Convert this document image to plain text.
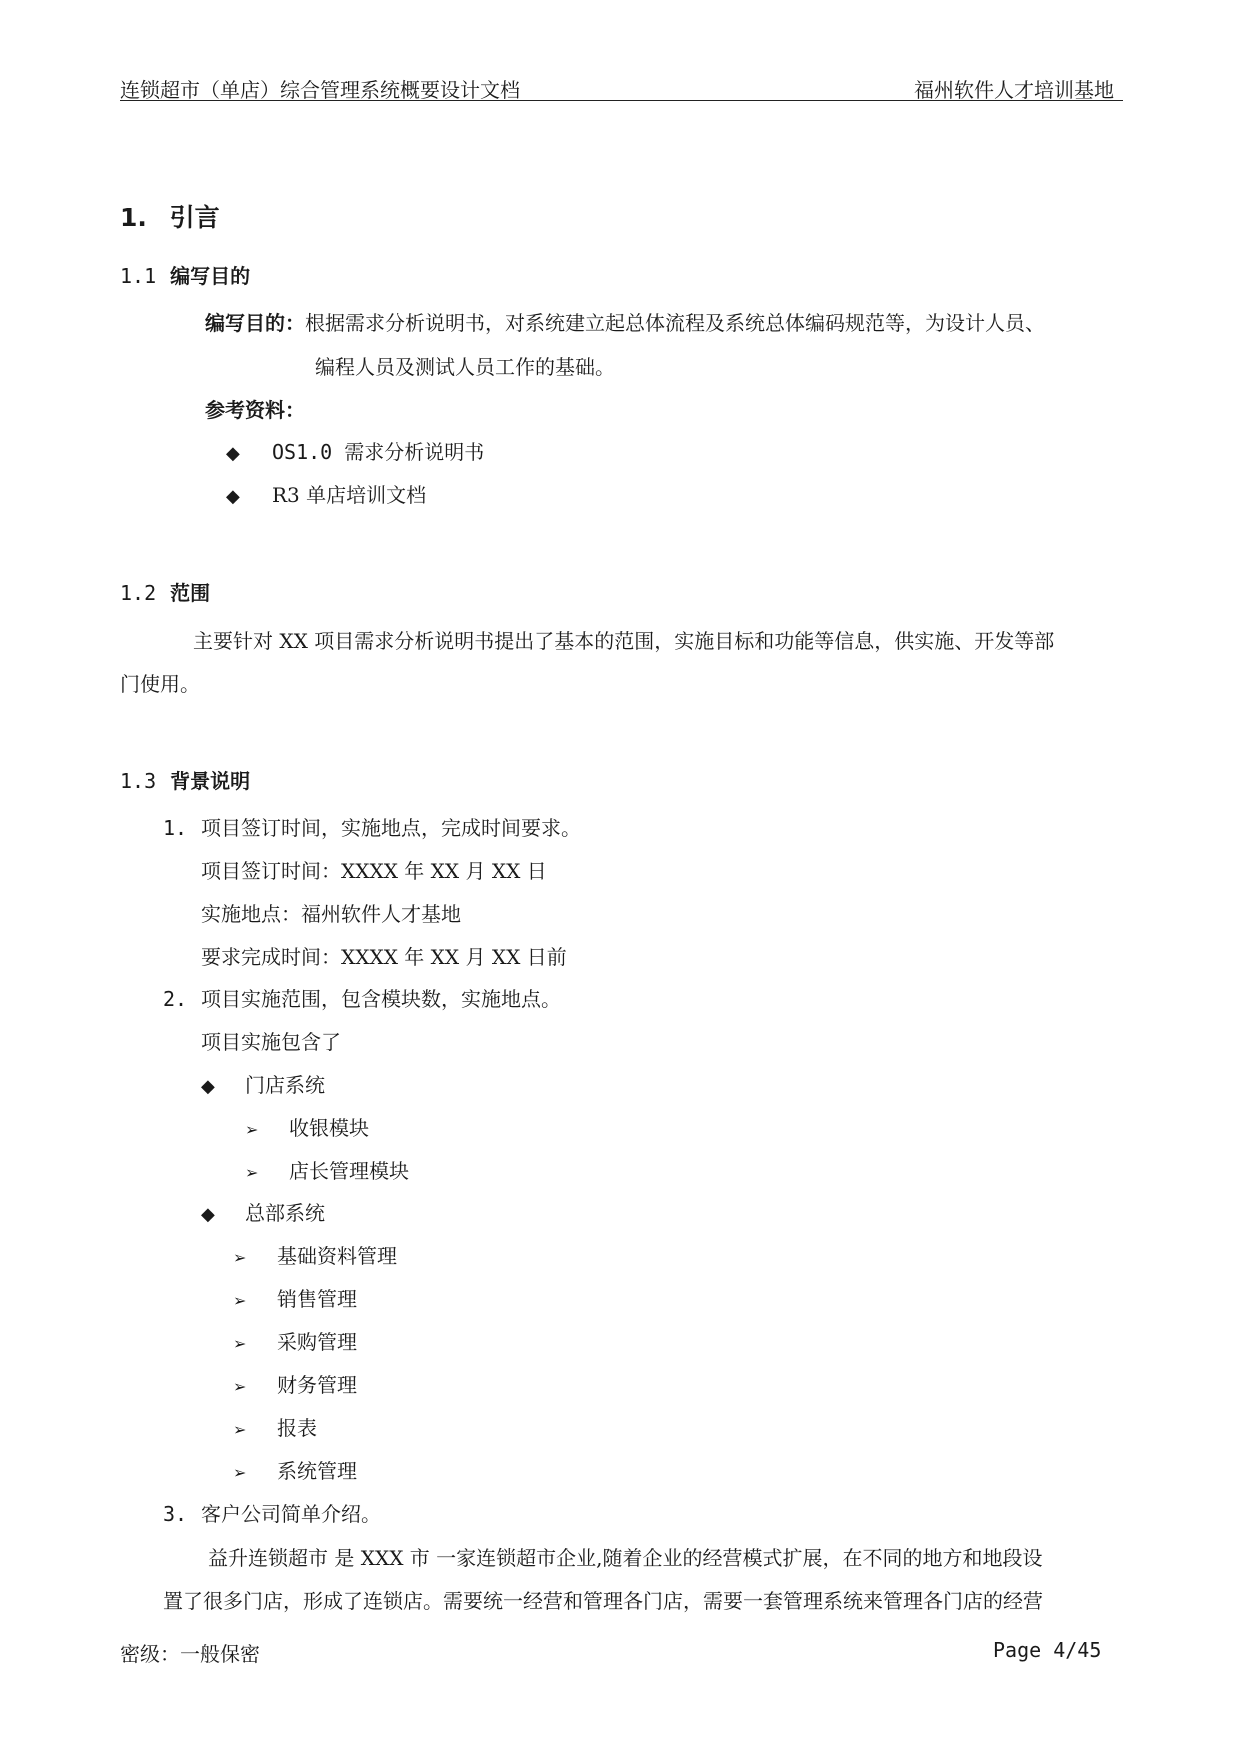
连锁超市（单店）综合管理系统概要设计文档	福州软件人才培训基地
1. 引言
1.1 编写目的
编写目的：根据需求分析说明书，对系统建立起总体流程及系统总体编码规范等，为设计人员、
编程人员及测试人员工作的基础。
参考资料：
◆ OS1.0 需求分析说明书
◆ R3 单店培训文档
1.2 范围
主要针对 XX 项目需求分析说明书提出了基本的范围，实施目标和功能等信息，供实施、开发等部
门使用。
1.3 背景说明
1. 项目签订时间，实施地点，完成时间要求。
项目签订时间：XXXX 年 XX 月 XX 日
实施地点：福州软件人才基地
要求完成时间：XXXX 年 XX 月 XX 日前
2. 项目实施范围，包含模块数，实施地点。
项目实施包含了
◆ 门店系统
➢ 收银模块
➢ 店长管理模块
◆ 总部系统
➢ 基础资料管理
➢ 销售管理
➢ 采购管理
➢ 财务管理
➢ 报表
➢ 系统管理
3. 客户公司简单介绍。
益升连锁超市 是 XXX 市 一家连锁超市企业,随着企业的经营模式扩展，在不同的地方和地段设
置了很多门店，形成了连锁店。需要统一经营和管理各门店，需要一套管理系统来管理各门店的经营
密级：一般保密	Page 4/45
